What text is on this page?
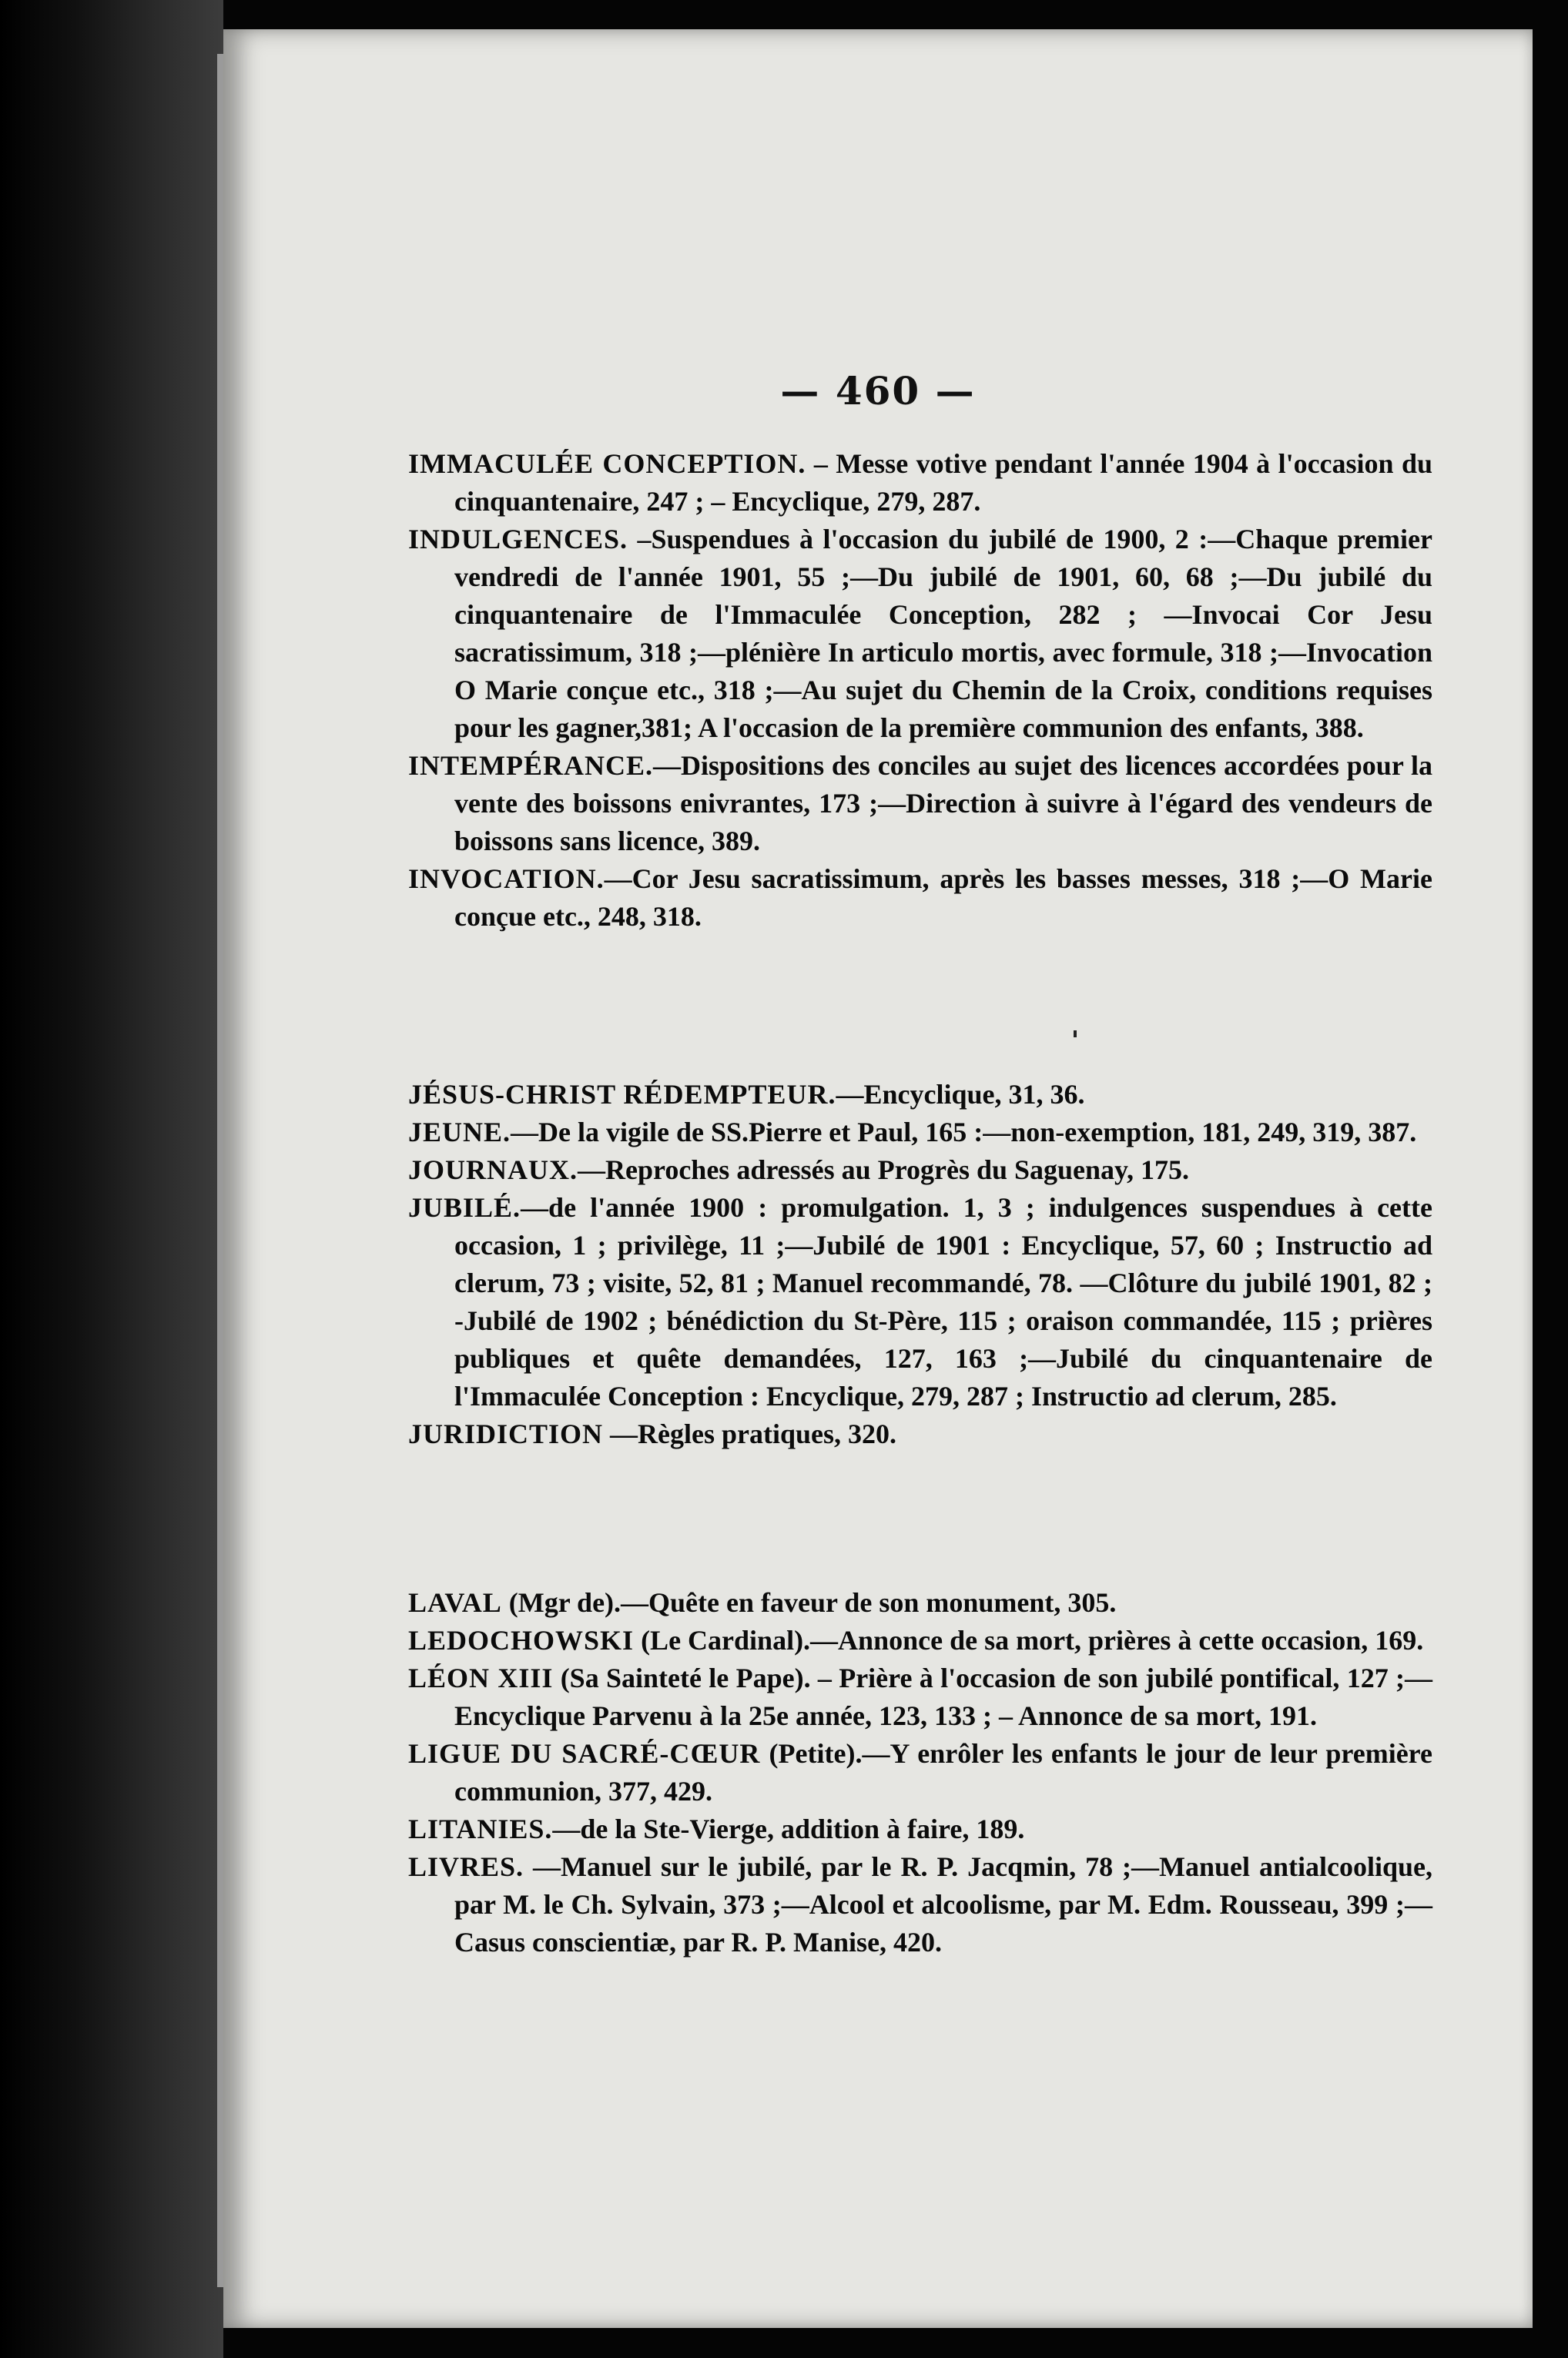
— 460 —

IMMACULÉE CONCEPTION. – Messe votive pendant l'année 1904 à l'occasion du cinquantenaire, 247 ; – Encyclique, 279, 287.

INDULGENCES. –Suspendues à l'occasion du jubilé de 1900, 2 :—Chaque premier vendredi de l'année 1901, 55 ;—Du jubilé de 1901, 60, 68 ;—Du jubilé du cinquantenaire de l'Immaculée Conception, 282 ; —Invocai Cor Jesu sacratissimum, 318 ;—plénière In articulo mortis, avec formule, 318 ;—Invocation O Marie conçue etc., 318 ;—Au sujet du Chemin de la Croix, conditions requises pour les gagner,381; A l'occasion de la première communion des enfants, 388.

INTEMPÉRANCE.—Dispositions des conciles au sujet des licences accordées pour la vente des boissons enivrantes, 173 ;—Direction à suivre à l'égard des vendeurs de boissons sans licence, 389.

INVOCATION.—Cor Jesu sacratissimum, après les basses messes, 318 ;—O Marie conçue etc., 248, 318.

JÉSUS-CHRIST RÉDEMPTEUR.—Encyclique, 31, 36.

JEUNE.—De la vigile de SS.Pierre et Paul, 165 :—non-exemption, 181, 249, 319, 387.

JOURNAUX.—Reproches adressés au Progrès du Saguenay, 175.

JUBILÉ.—de l'année 1900 : promulgation. 1, 3 ; indulgences suspendues à cette occasion, 1 ; privilège, 11 ;—Jubilé de 1901 : Encyclique, 57, 60 ; Instructio ad clerum, 73 ; visite, 52, 81 ; Manuel recommandé, 78. —Clôture du jubilé 1901, 82 ; -Jubilé de 1902 ; bénédiction du St-Père, 115 ; oraison commandée, 115 ; prières publiques et quête demandées, 127, 163 ;—Jubilé du cinquantenaire de l'Immaculée Conception : Encyclique, 279, 287 ; Instructio ad clerum, 285.

JURIDICTION —Règles pratiques, 320.

LAVAL (Mgr de).—Quête en faveur de son monument, 305.

LEDOCHOWSKI (Le Cardinal).—Annonce de sa mort, prières à cette occasion, 169.

LÉON XIII (Sa Sainteté le Pape). – Prière à l'occasion de son jubilé pontifical, 127 ;—Encyclique Parvenu à la 25e année, 123, 133 ; – Annonce de sa mort, 191.

LIGUE DU SACRÉ-CŒUR (Petite).—Y enrôler les enfants le jour de leur première communion, 377, 429.

LITANIES.—de la Ste-Vierge, addition à faire, 189.

LIVRES. —Manuel sur le jubilé, par le R. P. Jacqmin, 78 ;—Manuel antialcoolique, par M. le Ch. Sylvain, 373 ;—Alcool et alcoolisme, par M. Edm. Rousseau, 399 ;—Casus conscientiæ, par R. P. Manise, 420.
